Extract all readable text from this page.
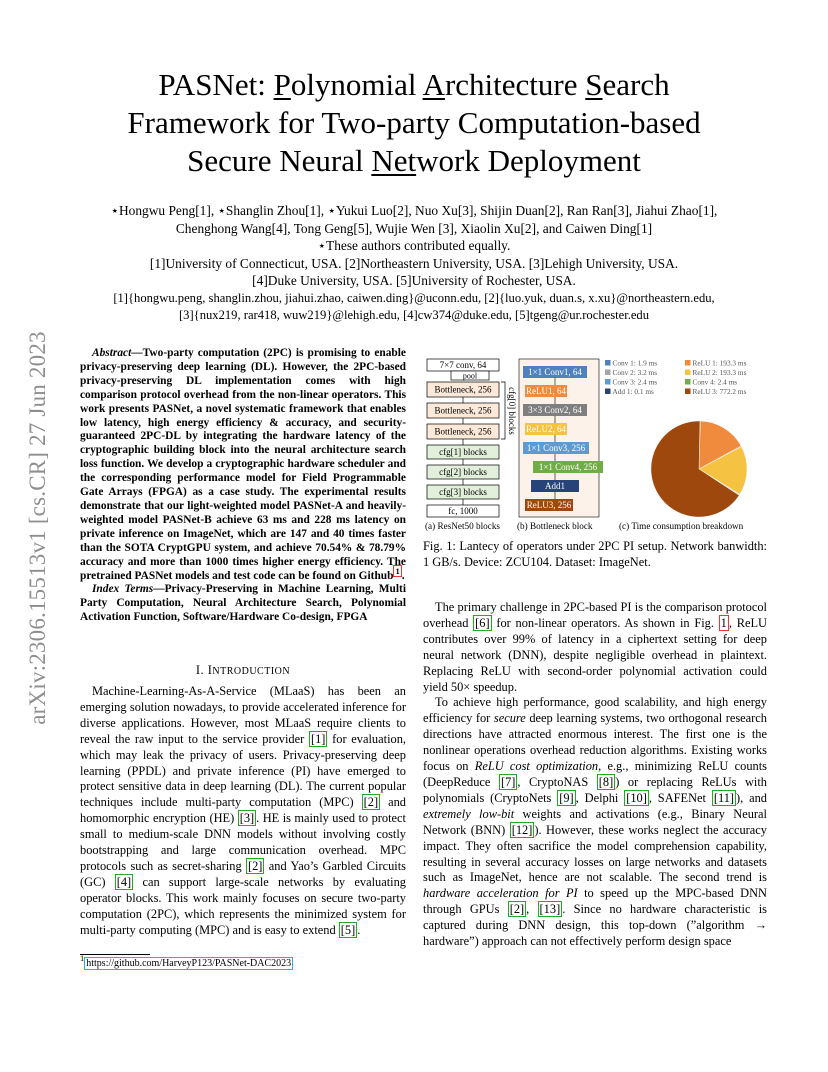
PASNet: Polynomial Architecture Search
Framework for Two-party Computation-based
Secure Neural Network Deployment
⋆Hongwu Peng[1], ⋆Shanglin Zhou[1], ⋆Yukui Luo[2], Nuo Xu[3], Shijin Duan[2], Ran Ran[3], Jiahui Zhao[1],
Chenghong Wang[4], Tong Geng[5], Wujie Wen [3], Xiaolin Xu[2], and Caiwen Ding[1]
⋆These authors contributed equally.
[1]University of Connecticut, USA. [2]Northeastern University, USA. [3]Lehigh University, USA.
[4]Duke University, USA. [5]University of Rochester, USA.
[1]{hongwu.peng, shanglin.zhou, jiahui.zhao, caiwen.ding}@uconn.edu, [2]{luo.yuk, duan.s, x.xu}@northeastern.edu,
[3]{nux219, rar418, wuw219}@lehigh.edu, [4]cw374@duke.edu, [5]tgeng@ur.rochester.edu
arXiv:2306.15513v1 [cs.CR] 27 Jun 2023	Abstract—Two-party computation (2PC) is promising to enable privacy-preserving deep learning (DL). However, the 2PC-based privacy-preserving DL implementation comes with high comparison protocol overhead from the non-linear operators. This work presents PASNet, a novel systematic framework that enables low latency, high energy efficiency & accuracy, and security-guaranteed 2PC-DL by integrating the hardware latency of the cryptographic building block into the neural architecture search loss function. We develop a cryptographic hardware scheduler and the corresponding performance model for Field Programmable Gate Arrays (FPGA) as a case study. The experimental results demonstrate that our light-weighted model PASNet-A and heavily-weighted model PASNet-B achieve 63 ms and 228 ms latency on private inference on ImageNet, which are 147 and 40 times faster than the SOTA CryptGPU system, and achieve 70.54% & 78.79% accuracy and more than 1000 times higher energy efficiency. The pretrained PASNet models and test code can be found on Github $^1$ .

Index Terms—Privacy-Preserving in Machine Learning, Multi Party Computation, Neural Architecture Search, Polynomial Activation Function, Software/Hardware Co-design, FPGA

I. INTRODUCTION

Machine-Learning-As-A-Service (MLaaS) has been an emerging solution nowadays, to provide accelerated inference for diverse applications. However, most MLaaS require clients to reveal the raw input to the service provider [1] for evaluation, which may leak the privacy of users. Privacy-preserving deep learning (PPDL) and private inference (PI) have emerged to protect sensitive data in deep learning (DL). The current popular techniques include multi-party computation (MPC) [2] and homomorphic encryption (HE) [3] . HE is mainly used to protect small to medium-scale DNN models without involving costly bootstrapping and large communication overhead. MPC protocols such as secret-sharing [2] and Yao’s Garbled Circuits (GC) [4] can support large-scale networks by evaluating operator blocks. This work mainly focuses on secure two-party computation (2PC), which represents the minimized system for multi-party computing (MPC) and is easy to extend [5] .

$^1$ https://github.com/HarveyP123/PASNet-DAC2023
7×7 conv, 64
pool
Bottleneck, 256
Bottleneck, 256
Bottleneck, 256
cfg[1] blocks
cfg[2] blocks
cfg[3] blocks
fc, 1000
cfg[0] blocks
1×1 Conv1, 64
ReLU1, 64
3×3 Conv2, 64
ReLU2, 64
1×1 Conv3, 256
1×1 Conv4, 256
Add1
ReLU3, 256
Conv 1: 1.9 ms	ReLU 1: 193.3 ms
Conv 2: 3.2 ms	ReLU 2: 193.3 ms
Conv 3: 2.4 ms	Conv 4: 2.4 ms
Add 1: 0.1 ms	ReLU 3: 772.2 ms
(a) ResNet50 blocks (b) Bottleneck block	(c) Time consumption breakdown
Fig. 1: Lantecy of operators under 2PC PI setup. Network banwidth: 1 GB/s. Device: ZCU104. Dataset: ImageNet.

The primary challenge in 2PC-based PI is the comparison protocol overhead [6] for non-linear operators. As shown in Fig. 1 , ReLU contributes over 99% of latency in a ciphertext setting for deep neural network (DNN), despite negligible overhead in plaintext. Replacing ReLU with second-order polynomial activation could yield 50× speedup.

To achieve high performance, good scalability, and high energy efficiency for secure deep learning systems, two orthogonal research directions have attracted enormous interest. The first one is the nonlinear operations overhead reduction algorithms. Existing works focus on ReLU cost optimization, e.g., minimizing ReLU counts (DeepReduce [7] , CryptoNAS [8] ) or replacing ReLUs with polynomials (CryptoNets [9] , Delphi [10] , SAFENet [11] ), and extremely low-bit weights and activations (e.g., Binary Neural Network (BNN) [12] ). However, these works neglect the accuracy impact. They often sacrifice the model comprehension capability, resulting in several accuracy losses on large networks and datasets such as ImageNet, hence are not scalable. The second trend is hardware acceleration for PI to speed up the MPC-based DNN through GPUs [2] , [13] . Since no hardware characteristic is captured during DNN design, this top-down (”algorithm → hardware”) approach can not effectively perform design space
